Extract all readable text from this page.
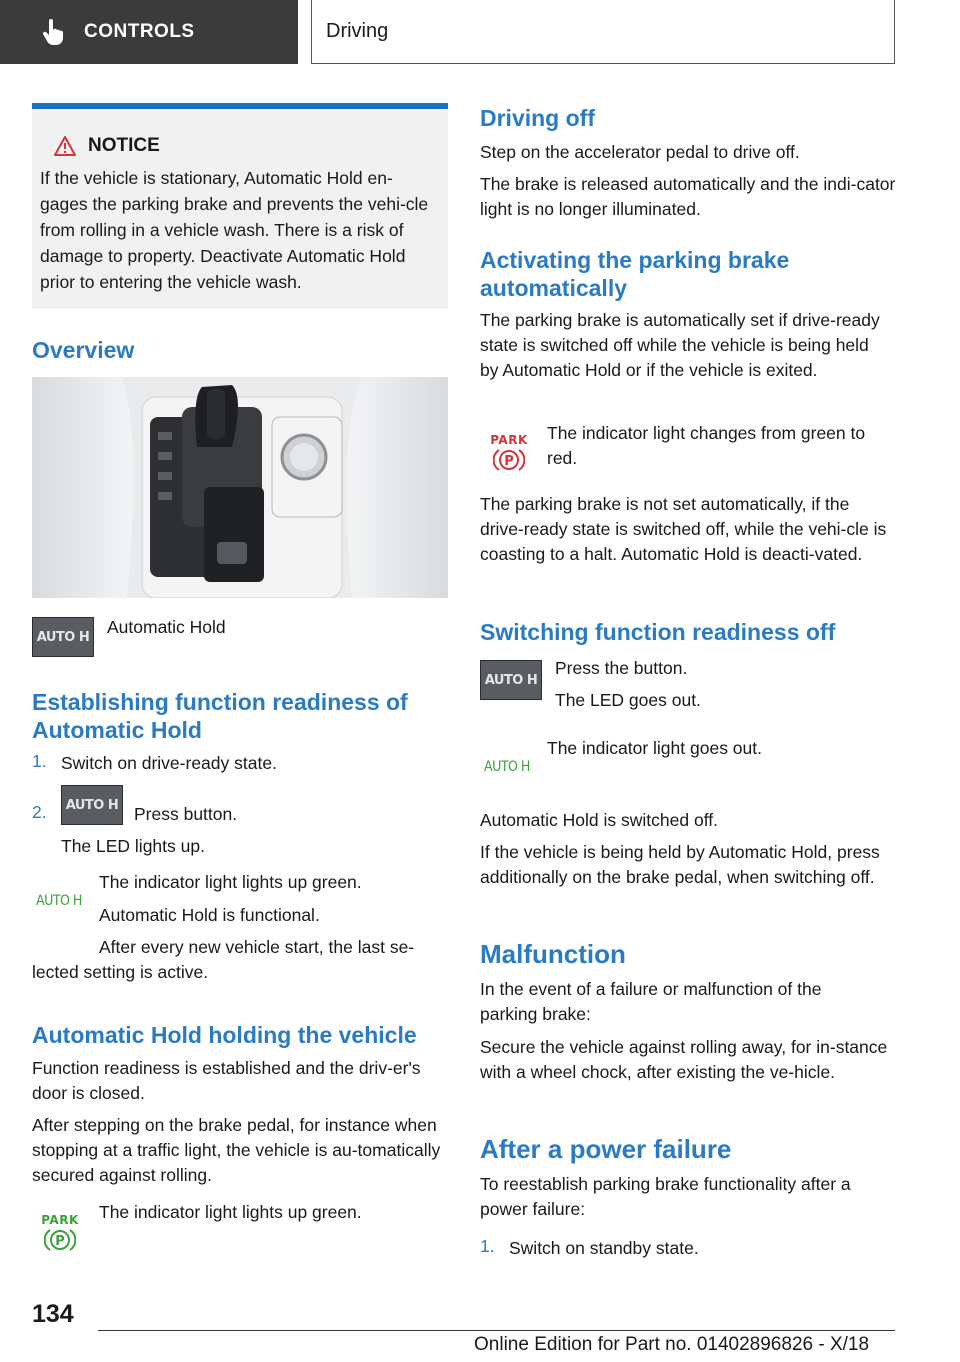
CONTROLS	Driving
NOTICE

If the vehicle is stationary, Automatic Hold en-gages the parking brake and prevents the vehi-cle from rolling in a vehicle wash. There is a risk of damage to property. Deactivate Automatic Hold prior to entering the vehicle wash.

Overview
AUTO H Automatic Hold
Establishing function readiness of Automatic Hold
1. Switch on drive-ready state.
2. AUTO H Press button.
The LED lights up.
AUTO H
The indicator light lights up green.
Automatic Hold is functional.
After every new vehicle start, the last se-lected setting is active.
Automatic Hold holding the vehicle
Function readiness is established and the driv-er's door is closed.
After stepping on the brake pedal, for instance when stopping at a traffic light, the vehicle is au-tomatically secured against rolling.
PARK
P
The indicator light lights up green.
Driving off
Step on the accelerator pedal to drive off.
The brake is released automatically and the indi-cator light is no longer illuminated.
Activating the parking brake automatically
The parking brake is automatically set if drive-ready state is switched off while the vehicle is being held by Automatic Hold or if the vehicle is exited.
PARK
P
The indicator light changes from green to red.
The parking brake is not set automatically, if the drive-ready state is switched off, while the vehi-cle is coasting to a halt. Automatic Hold is deacti-vated.
Switching function readiness off
AUTO H
Press the button.
The LED goes out.
AUTO H
The indicator light goes out.
Automatic Hold is switched off.
If the vehicle is being held by Automatic Hold, press additionally on the brake pedal, when switching off.
Malfunction
In the event of a failure or malfunction of the parking brake:
Secure the vehicle against rolling away, for in-stance with a wheel chock, after existing the ve-hicle.
After a power failure
To reestablish parking brake functionality after a power failure:
1. Switch on standby state.
134
Online Edition for Part no. 01402896826 - X/18
